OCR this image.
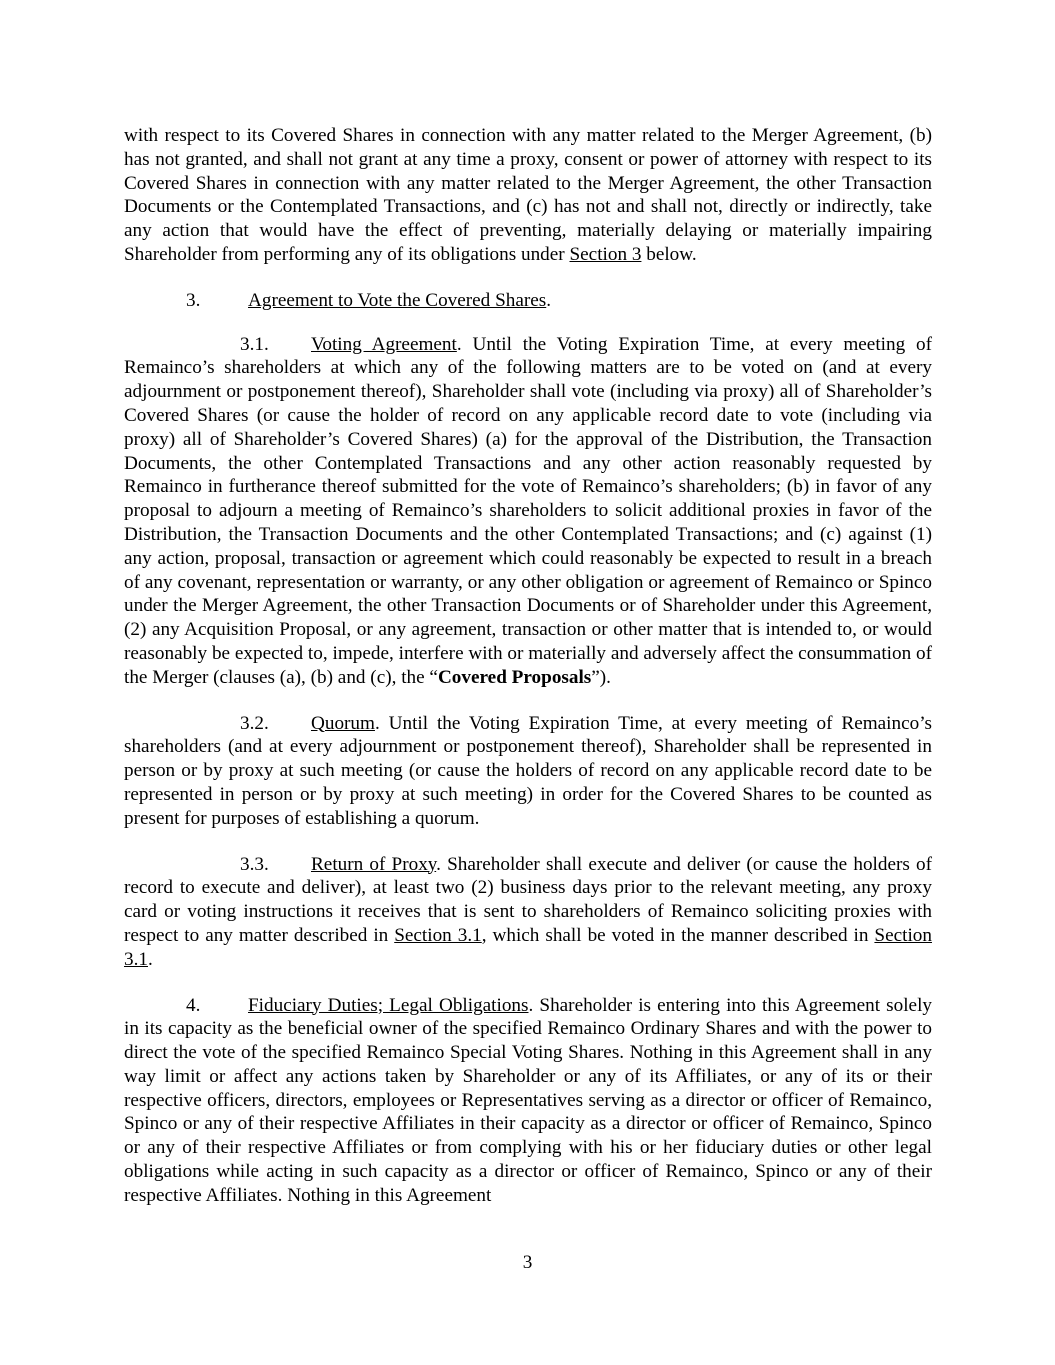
with respect to its Covered Shares in connection with any matter related to the Merger Agreement, (b) has not granted, and shall not grant at any time a proxy, consent or power of attorney with respect to its Covered Shares in connection with any matter related to the Merger Agreement, the other Transaction Documents or the Contemplated Transactions, and (c) has not and shall not, directly or indirectly, take any action that would have the effect of preventing, materially delaying or materially impairing Shareholder from performing any of its obligations under Section 3 below.

3. Agreement to Vote the Covered Shares.

3.1. Voting Agreement. Until the Voting Expiration Time, at every meeting of Remainco’s shareholders at which any of the following matters are to be voted on (and at every adjournment or postponement thereof), Shareholder shall vote (including via proxy) all of Shareholder’s Covered Shares (or cause the holder of record on any applicable record date to vote (including via proxy) all of Shareholder’s Covered Shares) (a) for the approval of the Distribution, the Transaction Documents, the other Contemplated Transactions and any other action reasonably requested by Remainco in furtherance thereof submitted for the vote of Remainco’s shareholders; (b) in favor of any proposal to adjourn a meeting of Remainco’s shareholders to solicit additional proxies in favor of the Distribution, the Transaction Documents and the other Contemplated Transactions; and (c) against (1) any action, proposal, transaction or agreement which could reasonably be expected to result in a breach of any covenant, representation or warranty, or any other obligation or agreement of Remainco or Spinco under the Merger Agreement, the other Transaction Documents or of Shareholder under this Agreement, (2) any Acquisition Proposal, or any agreement, transaction or other matter that is intended to, or would reasonably be expected to, impede, interfere with or materially and adversely affect the consummation of the Merger (clauses (a), (b) and (c), the “Covered Proposals”).

3.2. Quorum. Until the Voting Expiration Time, at every meeting of Remainco’s shareholders (and at every adjournment or postponement thereof), Shareholder shall be represented in person or by proxy at such meeting (or cause the holders of record on any applicable record date to be represented in person or by proxy at such meeting) in order for the Covered Shares to be counted as present for purposes of establishing a quorum.

3.3. Return of Proxy. Shareholder shall execute and deliver (or cause the holders of record to execute and deliver), at least two (2) business days prior to the relevant meeting, any proxy card or voting instructions it receives that is sent to shareholders of Remainco soliciting proxies with respect to any matter described in Section 3.1, which shall be voted in the manner described in Section 3.1.

4. Fiduciary Duties; Legal Obligations. Shareholder is entering into this Agreement solely in its capacity as the beneficial owner of the specified Remainco Ordinary Shares and with the power to direct the vote of the specified Remainco Special Voting Shares. Nothing in this Agreement shall in any way limit or affect any actions taken by Shareholder or any of its Affiliates, or any of its or their respective officers, directors, employees or Representatives serving as a director or officer of Remainco, Spinco or any of their respective Affiliates in their capacity as a director or officer of Remainco, Spinco or any of their respective Affiliates or from complying with his or her fiduciary duties or other legal obligations while acting in such capacity as a director or officer of Remainco, Spinco or any of their respective Affiliates. Nothing in this Agreement

3
